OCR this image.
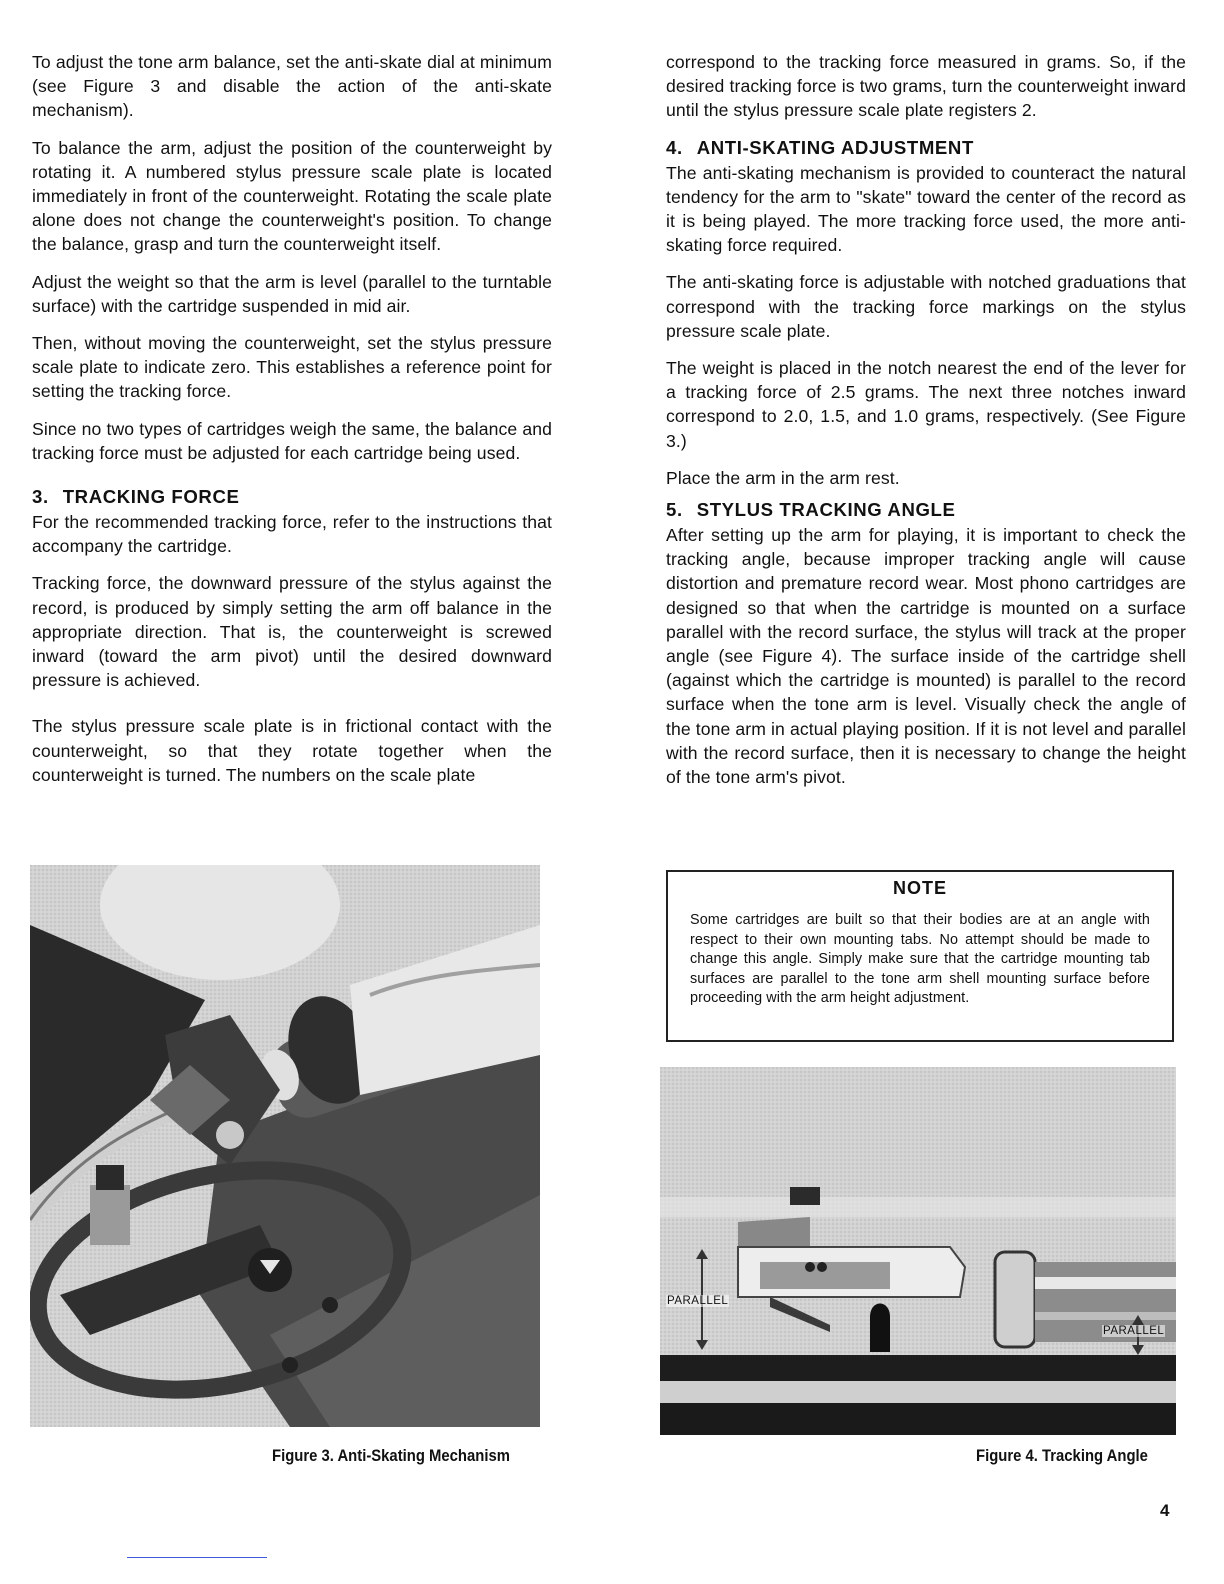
To adjust the tone arm balance, set the anti-skate dial at minimum (see Figure 3 and disable the action of the anti-skate mechanism).

To balance the arm, adjust the position of the counterweight by rotating it. A numbered stylus pressure scale plate is located immediately in front of the counterweight. Rotating the scale plate alone does not change the counterweight's position. To change the balance, grasp and turn the counterweight itself.

Adjust the weight so that the arm is level (parallel to the turntable surface) with the cartridge suspended in mid air.

Then, without moving the counterweight, set the stylus pressure scale plate to indicate zero. This establishes a reference point for setting the tracking force.

Since no two types of cartridges weigh the same, the balance and tracking force must be adjusted for each cartridge being used.

3. TRACKING FORCE

For the recommended tracking force, refer to the instructions that accompany the cartridge.

Tracking force, the downward pressure of the stylus against the record, is produced by simply setting the arm off balance in the appropriate direction. That is, the counterweight is screwed inward (toward the arm pivot) until the desired downward pressure is achieved.

The stylus pressure scale plate is in frictional contact with the counterweight, so that they rotate together when the counterweight is turned. The numbers on the scale plate

correspond to the tracking force measured in grams. So, if the desired tracking force is two grams, turn the counterweight inward until the stylus pressure scale plate registers 2.

4. ANTI-SKATING ADJUSTMENT

The anti-skating mechanism is provided to counteract the natural tendency for the arm to "skate" toward the center of the record as it is being played. The more tracking force used, the more anti-skating force required.

The anti-skating force is adjustable with notched graduations that correspond with the tracking force markings on the stylus pressure scale plate.

The weight is placed in the notch nearest the end of the lever for a tracking force of 2.5 grams. The next three notches inward correspond to 2.0, 1.5, and 1.0 grams, respectively. (See Figure 3.)

Place the arm in the arm rest.

5. STYLUS TRACKING ANGLE

After setting up the arm for playing, it is important to check the tracking angle, because improper tracking angle will cause distortion and premature record wear. Most phono cartridges are designed so that when the cartridge is mounted on a surface parallel with the record surface, the stylus will track at the proper angle (see Figure 4). The surface inside of the cartridge shell (against which the cartridge is mounted) is parallel to the record surface when the tone arm is level. Visually check the angle of the tone arm in actual playing position. If it is not level and parallel with the record surface, then it is necessary to change the height of the tone arm's pivot.

NOTE

Some cartridges are built so that their bodies are at an angle with respect to their own mounting tabs. No attempt should be made to change this angle. Simply make sure that the cartridge mounting tab surfaces are parallel to the tone arm shell mounting surface before proceeding with the arm height adjustment.

PARALLEL
PARALLEL
Figure 3. Anti-Skating Mechanism	Figure 4. Tracking Angle
4
